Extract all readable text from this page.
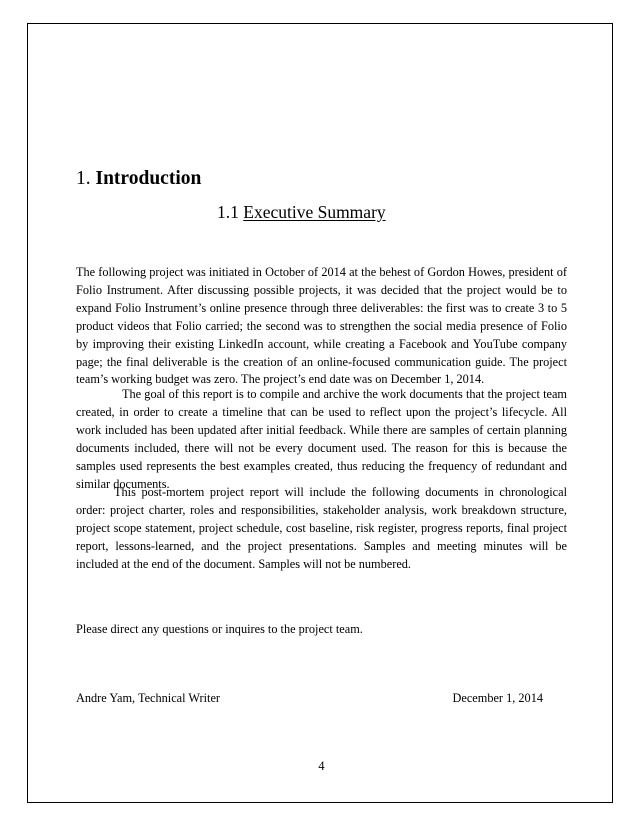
1. Introduction
1.1 Executive Summary

The following project was initiated in October of 2014 at the behest of Gordon Howes, president of Folio Instrument. After discussing possible projects, it was decided that the project would be to expand Folio Instrument’s online presence through three deliverables: the first was to create 3 to 5 product videos that Folio carried; the second was to strengthen the social media presence of Folio by improving their existing LinkedIn account, while creating a Facebook and YouTube company page; the final deliverable is the creation of an online-focused communication guide. The project team’s working budget was zero. The project’s end date was on December 1, 2014.

The goal of this report is to compile and archive the work documents that the project team created, in order to create a timeline that can be used to reflect upon the project’s lifecycle. All work included has been updated after initial feedback. While there are samples of certain planning documents included, there will not be every document used. The reason for this is because the samples used represents the best examples created, thus reducing the frequency of redundant and similar documents.

This post-mortem project report will include the following documents in chronological order: project charter, roles and responsibilities, stakeholder analysis, work breakdown structure, project scope statement, project schedule, cost baseline, risk register, progress reports, final project report, lessons-learned, and the project presentations. Samples and meeting minutes will be included at the end of the document. Samples will not be numbered.

Please direct any questions or inquires to the project team.

Andre Yam, Technical Writer	December 1, 2014
4
